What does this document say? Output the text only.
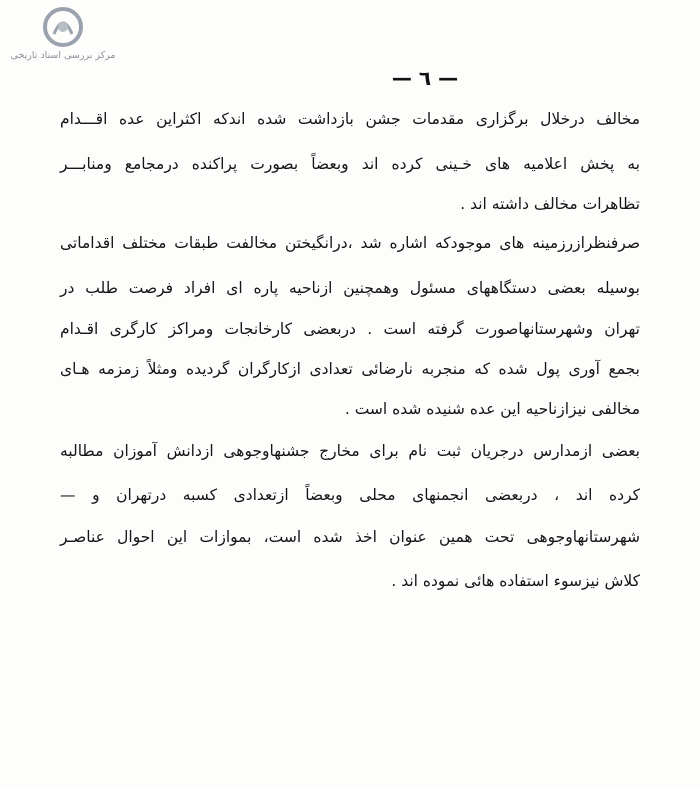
مرکز بررسی اسناد تاریخی
— ٦ —
مخالف درخلال برگزاری مقدمات جشن بازداشت شده اندکه اکثراین عده اقـــدام
به پخش اعلامیه های خـینی کرده اند وبعضاً بصورت پراکنده درمجامع ومنابـــر
تظاهرات مخالف داشته اند .
صرفنظرازرزمینه های موجودکه اشاره شد ،درانگیختن مخالفت طبقات مختلف اقداماتی
بوسیله بعضی دستگاههای مسئول وهمچنین ازناحیه پاره ای افراد فرصت طلب در
تهران وشهرستانهاصورت گرفته است . دربعضی کارخانجات ومراکز کارگری اقـدام
بجمع آوری پول شده که منجربه نارضائی تعدادی ازکارگران گردیده ومثلاً زمزمه هـای
مخالفی نیزازناحیه این عده شنیده شده است .
بعضی ازمدارس درجریان ثبت نام برای مخارج جشنهاوجوهی ازدانش آموزان مطالبه
کرده اند ، دربعضی انجمنهای محلی وبعضاً ازتعدادی کسبه درتهران و —
شهرستانهاوجوهی تحت همین عنوان اخذ شده است، بموازات این احوال عناصـر
کلاش نیزسوء استفاده هائی نموده اند .
